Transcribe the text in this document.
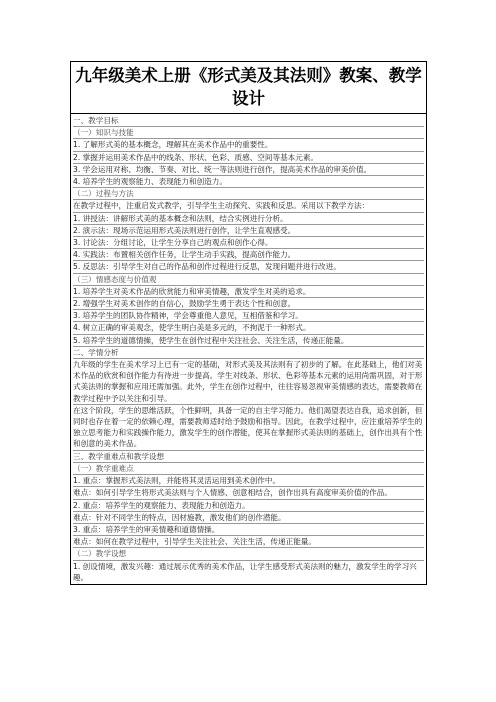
九年级美术上册《形式美及其法则》教案、教学设计
一、教学目标
（一）知识与技能
1. 了解形式美的基本概念，理解其在美术作品中的重要性。
2. 掌握并运用美术作品中的线条、形状、色彩、质感、空间等基本元素。
3. 学会运用对称、均衡、节奏、对比、统一等法则进行创作，提高美术作品的审美价值。
4. 培养学生的观察能力、表现能力和创造力。
（二）过程与方法
在教学过程中，注重启发式教学，引导学生主动探究、实践和反思。采用以下教学方法：
1. 讲授法：讲解形式美的基本概念和法则，结合实例进行分析。
2. 演示法：现场示范运用形式美法则进行创作，让学生直观感受。
3. 讨论法：分组讨论，让学生分享自己的观点和创作心得。
4. 实践法：布置相关创作任务，让学生动手实践，提高创作能力。
5. 反思法：引导学生对自己的作品和创作过程进行反思，发现问题并进行改进。
（三）情感态度与价值观
1. 培养学生对美术作品的欣赏能力和审美情趣，激发学生对美的追求。
2. 增强学生对美术创作的自信心，鼓励学生勇于表达个性和创意。
3. 培养学生的团队协作精神，学会尊重他人意见，互相借鉴和学习。
4. 树立正确的审美观念，使学生明白美是多元的，不拘泥于一种形式。
5. 培养学生的道德情操，使学生在创作过程中关注社会、关注生活，传递正能量。
二、学情分析
九年级的学生在美术学习上已有一定的基础，对形式美及其法则有了初步的了解。在此基础上，他们对美术作品的欣赏和创作能力有待进一步提高。学生对线条、形状、色彩等基本元素的运用尚需巩固，对于形式美法则的掌握和应用还需加强。此外，学生在创作过程中，往往容易忽视审美情感的表达，需要教师在教学过程中予以关注和引导。
在这个阶段，学生的思维活跃，个性鲜明，具备一定的自主学习能力。他们渴望表达自我，追求创新，但同时也存在着一定的依赖心理，需要教师适时给予鼓励和指导。因此，在教学过程中，应注重培养学生的独立思考能力和实践操作能力，激发学生的创作潜能，使其在掌握形式美法则的基础上，创作出具有个性和创意的美术作品。
三、教学重难点和教学设想
（一）教学重难点
1. 重点：掌握形式美法则，并能将其灵活运用到美术创作中。
难点：如何引导学生将形式美法则与个人情感、创意相结合，创作出具有高度审美价值的作品。
2. 重点：培养学生的观察能力、表现能力和创造力。
难点：针对不同学生的特点，因材施教，激发他们的创作潜能。
3. 重点：培养学生的审美情趣和道德情操。
难点：如何在教学过程中，引导学生关注社会、关注生活，传递正能量。
（二）教学设想
1. 创设情境，激发兴趣：通过展示优秀的美术作品，让学生感受形式美法则的魅力，激发学生的学习兴趣。
